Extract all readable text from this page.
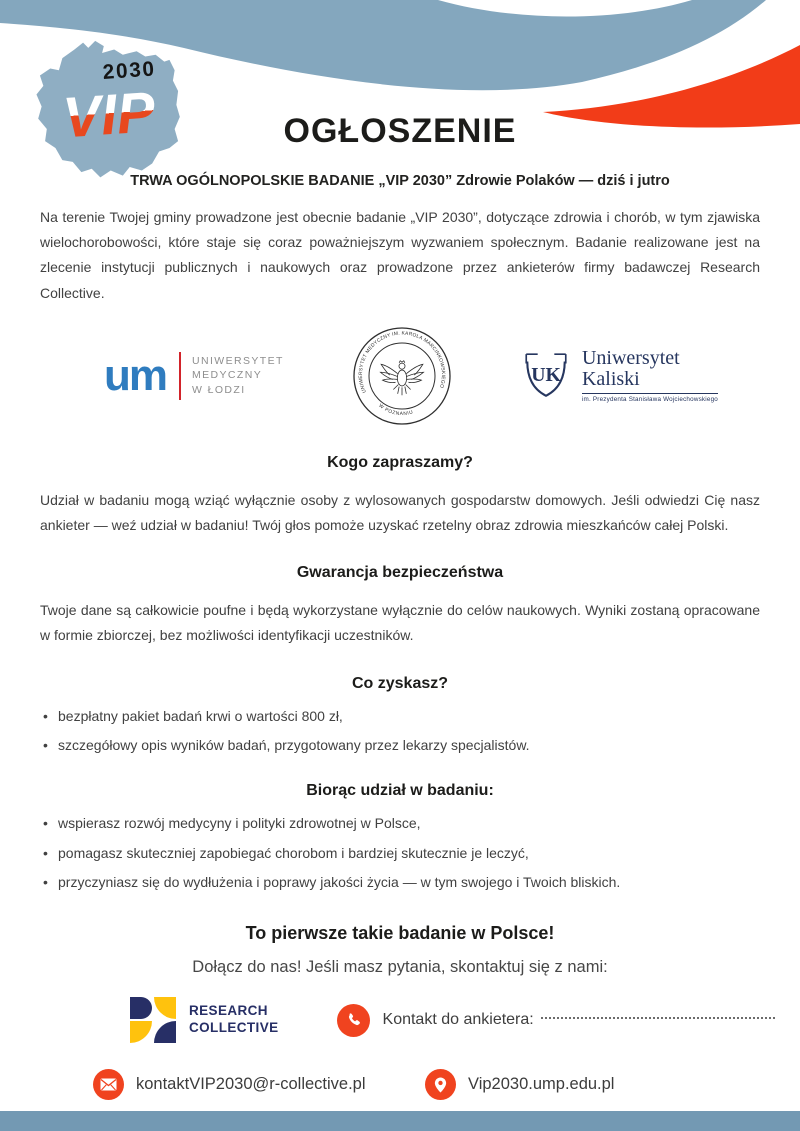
2030
VIP	OGŁOSZENIE

TRWA OGÓLNOPOLSKIE BADANIE „VIP 2030” Zdrowie Polaków — dziś i jutro

Na terenie Twojej gminy prowadzone jest obecnie badanie „VIP 2030”, dotyczące zdrowia i chorób, w tym zjawiska wielochorobowości, które staje się coraz poważniejszym wyzwaniem społecznym. Badanie realizowane jest na zlecenie instytucji publicznych i naukowych oraz prowadzone przez ankieterów firmy badawczej Research Collective.

um UNIWERSYTET
MEDYCZNY
W ŁODZI	UNIWERSYTET MEDYCZNY IM. KAROLA MARCINKOWSKIEGO
W POZNANIU
UK
Uniwersytet
Kaliski
im. Prezydenta Stanisława Wojciechowskiego
Kogo zapraszamy?

Udział w badaniu mogą wziąć wyłącznie osoby z wylosowanych gospodarstw domowych. Jeśli odwiedzi Cię nasz ankieter — weź udział w badaniu! Twój głos pomoże uzyskać rzetelny obraz zdrowia mieszkańców całej Polski.

Gwarancja bezpieczeństwa

Twoje dane są całkowicie poufne i będą wykorzystane wyłącznie do celów naukowych. Wyniki zostaną opracowane w formie zbiorczej, bez możliwości identyfikacji uczestników.

Co zyskasz?
• bezpłatny pakiet badań krwi o wartości 800 zł,
• szczegółowy opis wyników badań, przygotowany przez lekarzy specjalistów.
Biorąc udział w badaniu:
• wspierasz rozwój medycyny i polityki zdrowotnej w Polsce,
• pomagasz skuteczniej zapobiegać chorobom i bardziej skutecznie je leczyć,
• przyczyniasz się do wydłużenia i poprawy jakości życia — w tym swojego i Twoich bliskich.
To pierwsze takie badanie w Polsce!

Dołącz do nas! Jeśli masz pytania, skontaktuj się z nami:

RESEARCH
COLLECTIVE	Kontakt do ankietera:
kontaktVIP2030@r-collective.pl	Vip2030.ump.edu.pl
